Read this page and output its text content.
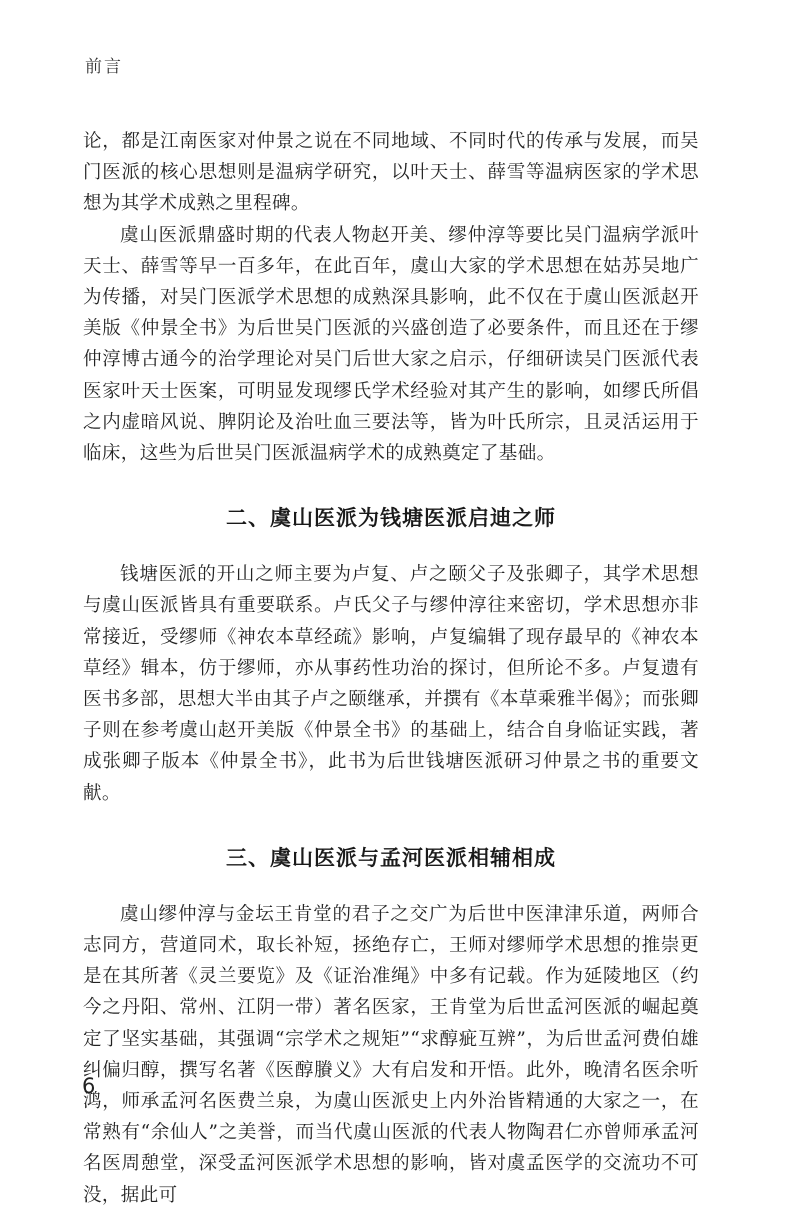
前言

论，都是江南医家对仲景之说在不同地域、不同时代的传承与发展，而吴门医派的核心思想则是温病学研究，以叶天士、薛雪等温病医家的学术思想为其学术成熟之里程碑。

虞山医派鼎盛时期的代表人物赵开美、缪仲淳等要比吴门温病学派叶天士、薛雪等早一百多年，在此百年，虞山大家的学术思想在姑苏吴地广为传播，对吴门医派学术思想的成熟深具影响，此不仅在于虞山医派赵开美版《仲景全书》为后世吴门医派的兴盛创造了必要条件，而且还在于缪仲淳博古通今的治学理论对吴门后世大家之启示，仔细研读吴门医派代表医家叶天士医案，可明显发现缪氏学术经验对其产生的影响，如缪氏所倡之内虚暗风说、脾阴论及治吐血三要法等，皆为叶氏所宗，且灵活运用于临床，这些为后世吴门医派温病学术的成熟奠定了基础。

二、虞山医派为钱塘医派启迪之师

钱塘医派的开山之师主要为卢复、卢之颐父子及张卿子，其学术思想与虞山医派皆具有重要联系。卢氏父子与缪仲淳往来密切，学术思想亦非常接近，受缪师《神农本草经疏》影响，卢复编辑了现存最早的《神农本草经》辑本，仿于缪师，亦从事药性功治的探讨，但所论不多。卢复遗有医书多部，思想大半由其子卢之颐继承，并撰有《本草乘雅半偈》；而张卿子则在参考虞山赵开美版《仲景全书》的基础上，结合自身临证实践，著成张卿子版本《仲景全书》，此书为后世钱塘医派研习仲景之书的重要文献。

三、虞山医派与孟河医派相辅相成

虞山缪仲淳与金坛王肯堂的君子之交广为后世中医津津乐道，两师合志同方，营道同术，取长补短，拯绝存亡，王师对缪师学术思想的推崇更是在其所著《灵兰要览》及《证治准绳》中多有记载。作为延陵地区（约今之丹阳、常州、江阴一带）著名医家，王肯堂为后世孟河医派的崛起奠定了坚实基础，其强调“宗学术之规矩”“求醇疵互辨”，为后世孟河费伯雄纠偏归醇，撰写名著《医醇賸义》大有启发和开悟。此外，晚清名医余听鸿，师承孟河名医费兰泉，为虞山医派史上内外治皆精通的大家之一，在常熟有“余仙人”之美誉，而当代虞山医派的代表人物陶君仁亦曾师承孟河名医周憩堂，深受孟河医派学术思想的影响，皆对虞孟医学的交流功不可没，据此可

6
